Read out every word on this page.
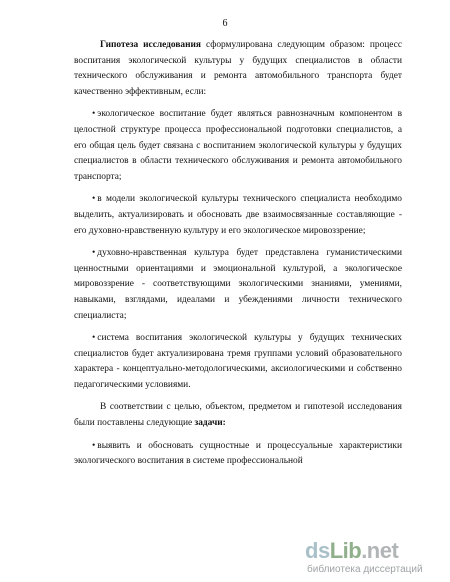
6

Гипотеза исследования сформулирована следующим образом: процесс воспитания экологической культуры у будущих специалистов в области технического обслуживания и ремонта автомобильного транспорта будет качественно эффективным, если:

• экологическое воспитание будет являться равнозначным компонентом в целостной структуре процесса профессиональной подготовки специалистов, а его общая цель будет связана с воспитанием экологической культуры у будущих специалистов в области технического обслуживания и ремонта автомобильного транспорта;

• в модели экологической культуры технического специалиста необходимо выделить, актуализировать и обосновать две взаимосвязанные составляющие - его духовно-нравственную культуру и его экологическое мировоззрение;

• духовно-нравственная культура будет представлена гуманистическими ценностными ориентациями и эмоциональной культурой, а экологическое мировоззрение - соответствующими экологическими знаниями, умениями, навыками, взглядами, идеалами и убеждениями личности технического специалиста;

• система воспитания экологической культуры у будущих технических специалистов будет актуализирована тремя группами условий образовательного характера - концептуально-методологическими, аксиологическими и собственно педагогическими условиями.

В соответствии с целью, объектом, предметом и гипотезой исследования были поставлены следующие задачи:

• выявить и обосновать сущностные и процессуальные характеристики экологического воспитания в системе профессиональной

dsLib.net
библиотека диссертаций
